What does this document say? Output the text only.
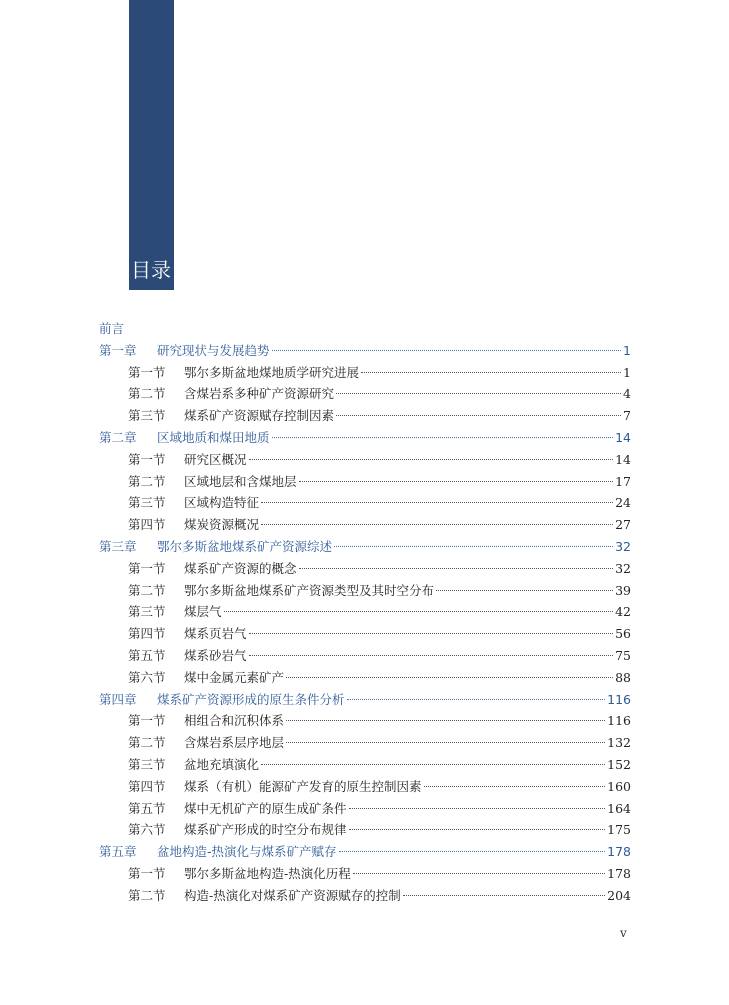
目录
前言
第一章	研究现状与发展趋势	1
第一节	鄂尔多斯盆地煤地质学研究进展	1
第二节	含煤岩系多种矿产资源研究	4
第三节	煤系矿产资源赋存控制因素	7
第二章	区域地质和煤田地质	14
第一节	研究区概况	14
第二节	区域地层和含煤地层	17
第三节	区域构造特征	24
第四节	煤炭资源概况	27
第三章	鄂尔多斯盆地煤系矿产资源综述	32
第一节	煤系矿产资源的概念	32
第二节	鄂尔多斯盆地煤系矿产资源类型及其时空分布	39
第三节	煤层气	42
第四节	煤系页岩气	56
第五节	煤系砂岩气	75
第六节	煤中金属元素矿产	88
第四章	煤系矿产资源形成的原生条件分析	116
第一节	相组合和沉积体系	116
第二节	含煤岩系层序地层	132
第三节	盆地充填演化	152
第四节	煤系（有机）能源矿产发育的原生控制因素	160
第五节	煤中无机矿产的原生成矿条件	164
第六节	煤系矿产形成的时空分布规律	175
第五章	盆地构造-热演化与煤系矿产赋存	178
第一节	鄂尔多斯盆地构造-热演化历程	178
第二节	构造-热演化对煤系矿产资源赋存的控制	204
v
